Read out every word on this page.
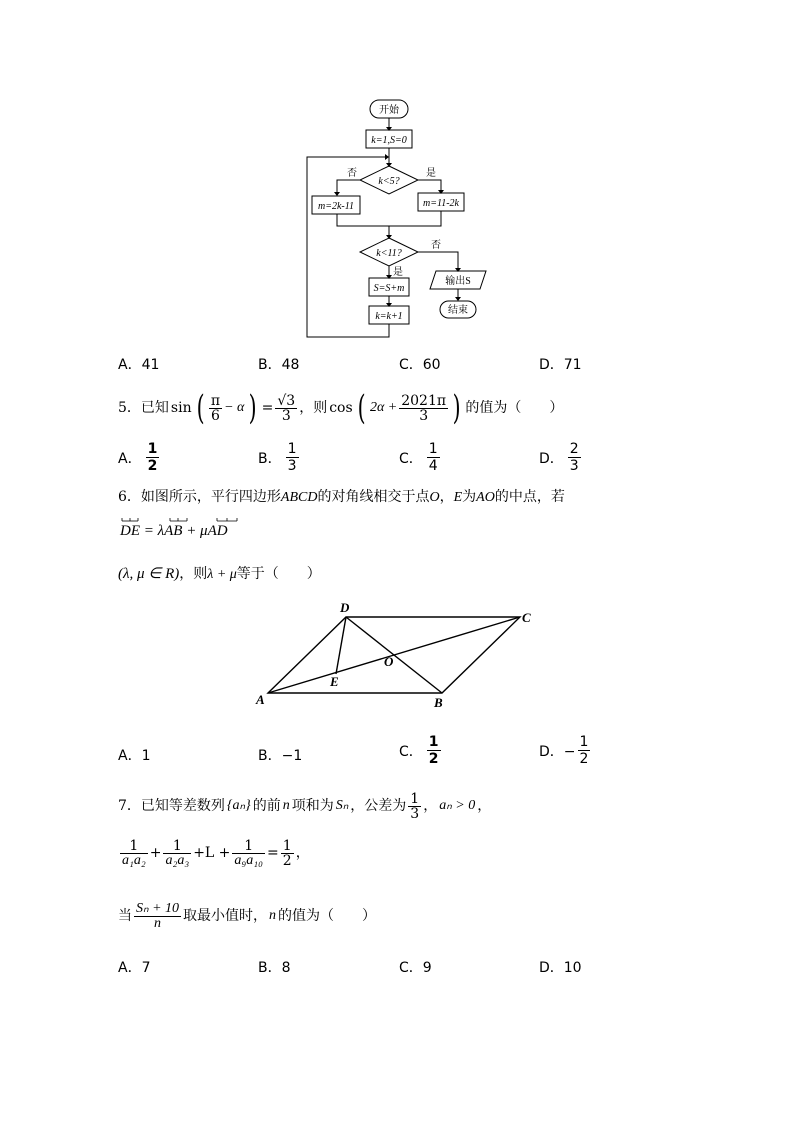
开始
k=1,S=0
k<5?
否	是
m=2k-11	m=11-2k
k<11?
否
是
S=S+m
k=k+1
输出S
结束
A．41	B．48	C．60	D．71
5．已知 sin ( $\frac{\pi}{6} - \alpha$ ) = $\frac{√3}{3}$ ，则 cos ( $2\alpha + \frac{2021\pi}{3}$ ) 的值为（　　）
A． $\frac{1}{2}$	B． $\frac{1}{3}$	C． $\frac{1}{4}$	D． $\frac{2}{3}$
6．如图所示，平行四边形ABCD的对角线相交于点O，E为AO的中点，若
DE = λAB + μAD
(λ, μ ∈ R)，则λ + μ等于（　　）
A	B
C
D
O
E
A．1	B．−1	C． $\frac{1}{2}$	D．− $\frac{1}{2}$
7．已知等差数列 {aₙ} 的前 n 项和为 Sₙ ，公差为 $\frac{1}{3}$ ， aₙ > 0 ，
$\frac{1}{\text{a₁a₂}} + \frac{1}{\text{a₂a₃}} +L + \frac{1}{\text{a₉a₁₀}} = \frac{1}{2}$ ，
当 $\frac{\text{Sₙ + 10}}{n}$ 取最小值时， n 的值为（　　）
A．7	B．8	C．9	D．10
